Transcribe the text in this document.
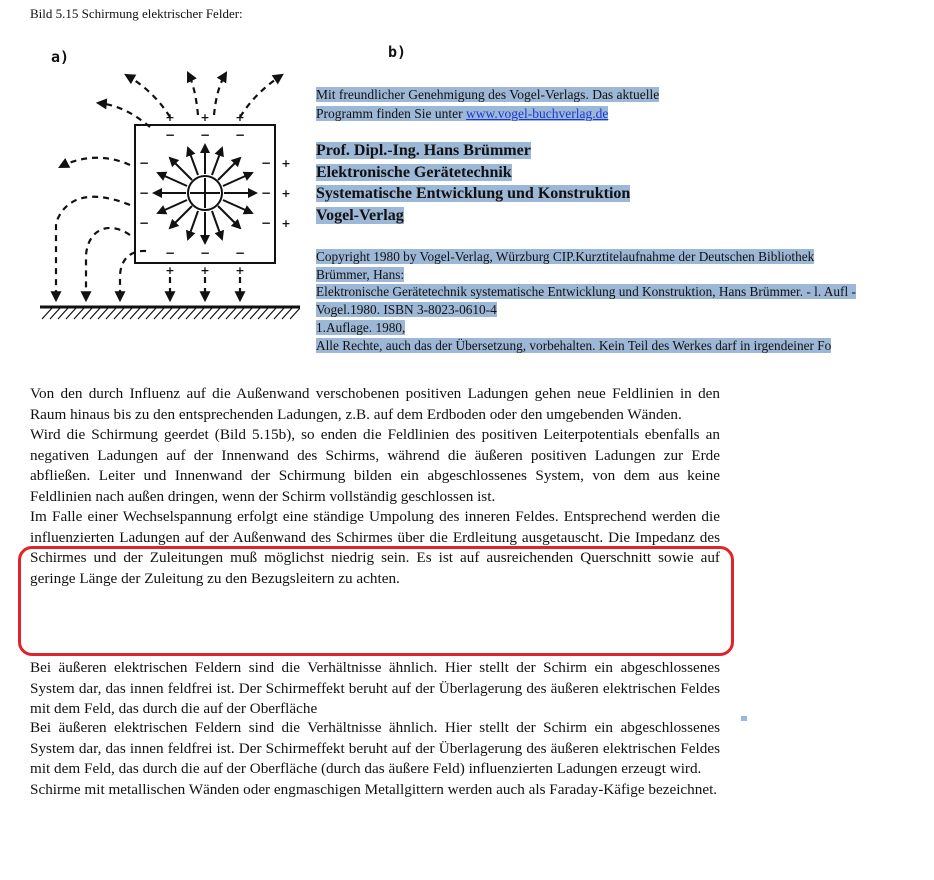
Bild 5.15 Schirmung elektrischer Felder:
a)	b)
− − −
− − −
−
−
−
−
−
−
+ + +
+
+
+
+ + +
Mit freundlicher Genehmigung des Vogel-Verlags. Das aktuelle
Programm finden Sie unter www.vogel-buchverlag.de
Prof. Dipl.-Ing. Hans Brümmer
Elektronische Gerätetechnik
Systematische Entwicklung und Konstruktion
Vogel-Verlag
Copyright 1980 by Vogel-Verlag, Würzburg CIP.Kurztitelaufnahme der Deutschen Bibliothek
Brümmer, Hans:
Elektronische Gerätetechnik systematische Entwicklung und Konstruktion, Hans Brümmer. - l. Aufl -
Vogel.1980. ISBN 3-8023-0610-4
1.Auflage. 1980,
Alle Rechte, auch das der Übersetzung, vorbehalten. Kein Teil des Werkes darf in irgendeiner Fo

Von den durch Influenz auf die Außenwand verschobenen positiven Ladungen gehen neue Feldlinien in den Raum hinaus bis zu den entsprechenden Ladungen, z.B. auf dem Erdboden oder den umgebenden Wänden.

Wird die Schirmung geerdet (Bild 5.15b), so enden die Feldlinien des positiven Leiterpotentials ebenfalls an negativen Ladungen auf der Innenwand des Schirms, während die äußeren positiven Ladungen zur Erde abfließen. Leiter und Innenwand der Schirmung bilden ein abgeschlossenes System, von dem aus keine Feldlinien nach außen dringen, wenn der Schirm vollständig geschlossen ist.

Im Falle einer Wechselspannung erfolgt eine ständige Umpolung des inneren Feldes. Entsprechend werden die influenzierten Ladungen auf der Außenwand des Schirmes über die Erdleitung ausgetauscht. Die Impedanz des Schirmes und der Zuleitungen muß möglichst niedrig sein. Es ist auf ausreichenden Querschnitt sowie auf geringe Länge der Zuleitung zu den Bezugsleitern zu achten.

Bei äußeren elektrischen Feldern sind die Verhältnisse ähnlich. Hier stellt der Schirm ein abgeschlossenes System dar, das innen feldfrei ist. Der Schirmeffekt beruht auf der Überlagerung des äußeren elektrischen Feldes mit dem Feld, das durch die auf der Oberfläche

Bei äußeren elektrischen Feldern sind die Verhältnisse ähnlich. Hier stellt der Schirm ein abgeschlossenes System dar, das innen feldfrei ist. Der Schirmeffekt beruht auf der Überlagerung des äußeren elektrischen Feldes mit dem Feld, das durch die auf der Oberfläche (durch das äußere Feld) influenzierten Ladungen erzeugt wird.

Schirme mit metallischen Wänden oder engmaschigen Metallgittern werden auch als Faraday-Käfige bezeichnet.
